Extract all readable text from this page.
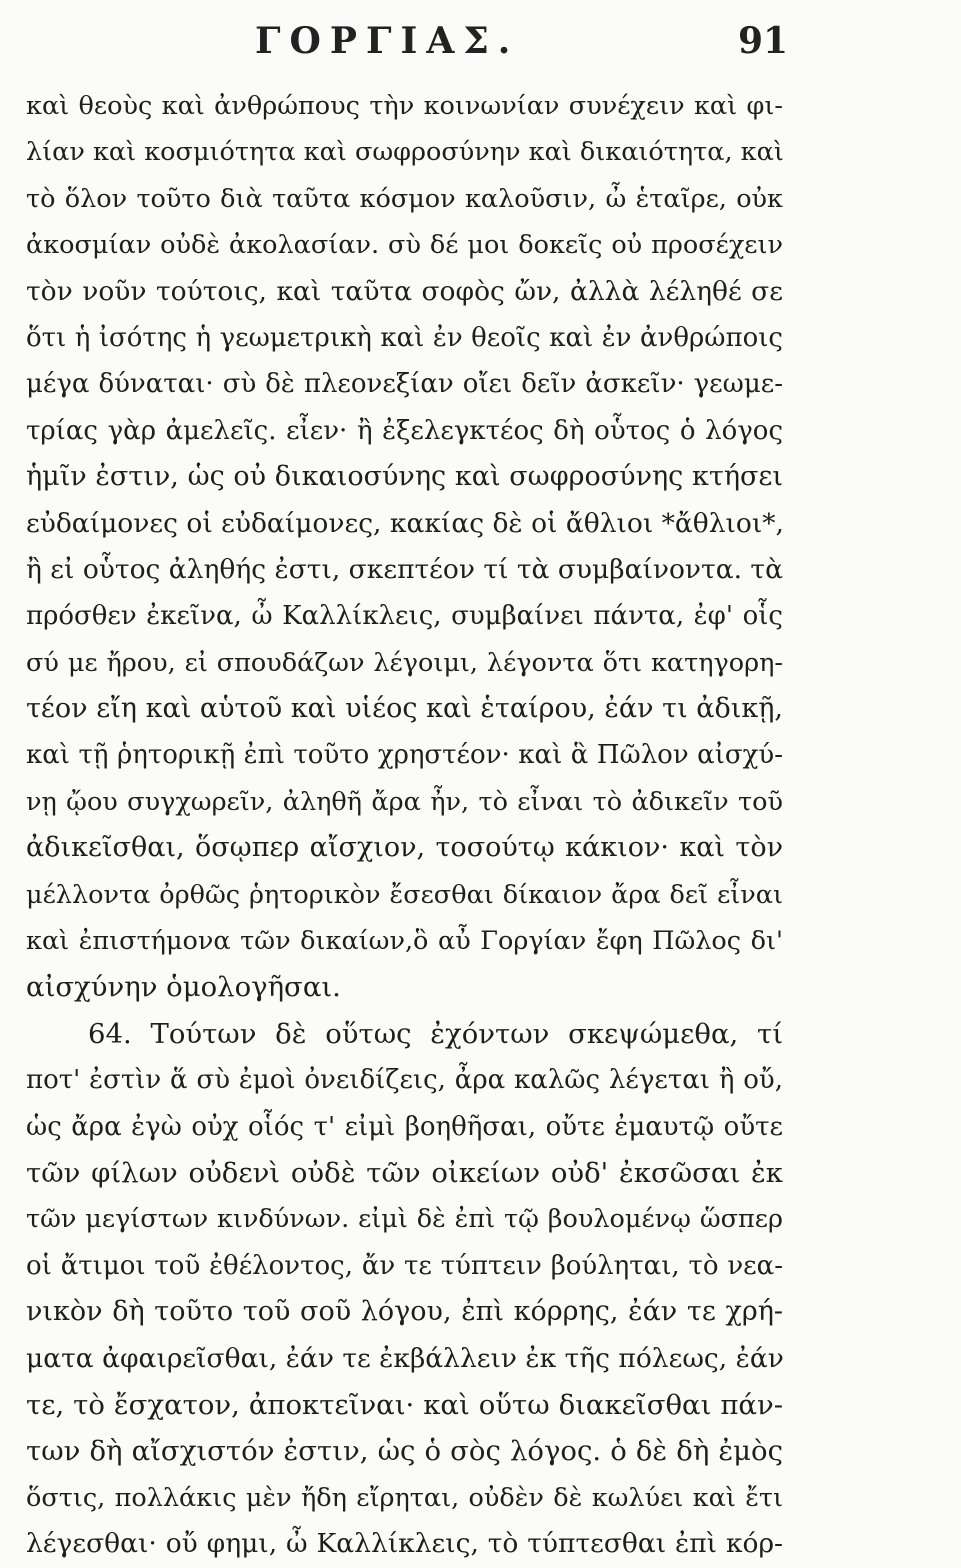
ΓΟΡΓΙΑΣ.	91
καὶ θεοὺς καὶ ἀνθρώπους τὴν κοινωνίαν συνέχειν καὶ φι-
λίαν καὶ κοσμιότητα καὶ σωφροσύνην καὶ δικαιότητα, καὶ
τὸ ὅλον τοῦτο διὰ ταῦτα κόσμον καλοῦσιν, ὦ ἑταῖρε, οὐκ
ἀκοσμίαν οὐδὲ ἀκολασίαν. σὺ δέ μοι δοκεῖς οὐ προσέχειν
τὸν νοῦν τούτοις, καὶ ταῦτα σοφὸς ὤν, ἀλλὰ λέληθέ σε
ὅτι ἡ ἰσότης ἡ γεωμετρικὴ καὶ ἐν θεοῖς καὶ ἐν ἀνθρώποις
μέγα δύναται· σὺ δὲ πλεονεξίαν οἴει δεῖν ἀσκεῖν· γεωμε-
τρίας γὰρ ἀμελεῖς. εἶεν· ἢ ἐξελεγκτέος δὴ οὗτος ὁ λόγος
ἡμῖν ἐστιν, ὡς οὐ δικαιοσύνης καὶ σωφροσύνης κτήσει
εὐδαίμονες οἱ εὐδαίμονες, κακίας δὲ οἱ ἄθλιοι *ἄθλιοι*,
ἢ εἰ οὗτος ἀληθής ἐστι, σκεπτέον τί τὰ συμβαίνοντα. τὰ
πρόσθεν ἐκεῖνα, ὦ Καλλίκλεις, συμβαίνει πάντα, ἐφ' οἷς
σύ με ἤρου, εἰ σπουδάζων λέγοιμι, λέγοντα ὅτι κατηγορη-
τέον εἴη καὶ αὑτοῦ καὶ υἱέος καὶ ἑταίρου, ἐάν τι ἀδικῇ,
καὶ τῇ ῥητορικῇ ἐπὶ τοῦτο χρηστέον· καὶ ἃ Πῶλον αἰσχύ-
νῃ ᾤου συγχωρεῖν, ἀληθῆ ἄρα ἦν, τὸ εἶναι τὸ ἀδικεῖν τοῦ
ἀδικεῖσθαι, ὅσῳπερ αἴσχιον, τοσούτῳ κάκιον· καὶ τὸν
μέλλοντα ὀρθῶς ῥητορικὸν ἔσεσθαι δίκαιον ἄρα δεῖ εἶναι
καὶ ἐπιστήμονα τῶν δικαίων,ὃ αὖ Γοργίαν ἔφη Πῶλος δι'
αἰσχύνην ὁμολογῆσαι.
64. Τούτων δὲ οὕτως ἐχόντων σκεψώμεθα, τί
ποτ' ἐστὶν ἅ σὺ ἐμοὶ ὀνειδίζεις, ἆρα καλῶς λέγεται ἢ οὔ,
ὡς ἄρα ἐγὼ οὐχ οἷός τ' εἰμὶ βοηθῆσαι, οὔτε ἐμαυτῷ οὔτε
τῶν φίλων οὐδενὶ οὐδὲ τῶν οἰκείων οὐδ' ἐκσῶσαι ἐκ
τῶν μεγίστων κινδύνων. εἰμὶ δὲ ἐπὶ τῷ βουλομένῳ ὥσπερ
οἱ ἄτιμοι τοῦ ἐθέλοντος, ἄν τε τύπτειν βούληται, τὸ νεα-
νικὸν δὴ τοῦτο τοῦ σοῦ λόγου, ἐπὶ κόρρης, ἐάν τε χρή-
ματα ἀφαιρεῖσθαι, ἐάν τε ἐκβάλλειν ἐκ τῆς πόλεως, ἐάν
τε, τὸ ἔσχατον, ἀποκτεῖναι· καὶ οὕτω διακεῖσθαι πάν-
των δὴ αἴσχιστόν ἐστιν, ὡς ὁ σὸς λόγος. ὁ δὲ δὴ ἐμὸς
ὅστις, πολλάκις μὲν ἤδη εἴρηται, οὐδὲν δὲ κωλύει καὶ ἔτι
λέγεσθαι· οὔ φημι, ὦ Καλλίκλεις, τὸ τύπτεσθαι ἐπὶ κόρ-
